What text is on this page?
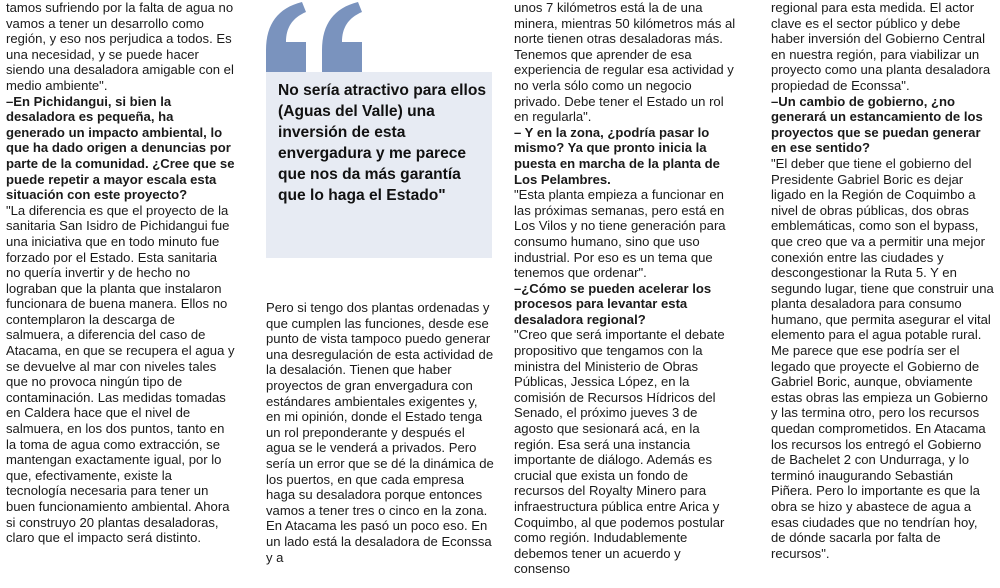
tamos sufriendo por la falta de agua no vamos a tener un desarrollo como región, y eso nos perjudica a todos. Es una necesidad, y se puede hacer siendo una desaladora amigable con el medio ambiente".

–En Pichidangui, si bien la desaladora es pequeña, ha generado un impacto ambiental, lo que ha dado origen a denuncias por parte de la comunidad. ¿Cree que se puede repetir a mayor escala esta situación con este proyecto?

"La diferencia es que el proyecto de la sanitaria San Isidro de Pichidangui fue una iniciativa que en todo minuto fue forzado por el Estado. Esta sanitaria no quería invertir y de hecho no lograban que la planta que instalaron funcionara de buena manera. Ellos no contemplaron la descarga de salmuera, a diferencia del caso de Atacama, en que se recupera el agua y se devuelve al mar con niveles tales que no provoca ningún tipo de contaminación. Las medidas tomadas en Caldera hace que el nivel de salmuera, en los dos puntos, tanto en la toma de agua como extracción, se mantengan exactamente igual, por lo que, efectivamente, existe la tecnología necesaria para tener un buen funcionamiento ambiental. Ahora si construyo 20 plantas desaladoras, claro que el impacto será distinto.

No sería atractivo para ellos (Aguas del Valle) una inversión de esta envergadura y me parece que nos da más garantía que lo haga el Estado"

Pero si tengo dos plantas ordenadas y que cumplen las funciones, desde ese punto de vista tampoco puedo generar una desregulación de esta actividad de la desalación. Tienen que haber proyectos de gran envergadura con estándares ambientales exigentes y, en mi opinión, donde el Estado tenga un rol preponderante y después el agua se le venderá a privados. Pero sería un error que se dé la dinámica de los puertos, en que cada empresa haga su desaladora porque entonces vamos a tener tres o cinco en la zona. En Atacama les pasó un poco eso. En un lado está la desaladora de Econssa y a

unos 7 kilómetros está la de una minera, mientras 50 kilómetros más al norte tienen otras desaladoras más. Tenemos que aprender de esa experiencia de regular esa actividad y no verla sólo como un negocio privado. Debe tener el Estado un rol en regularla".

– Y en la zona, ¿podría pasar lo mismo? Ya que pronto inicia la puesta en marcha de la planta de Los Pelambres.

"Esta planta empieza a funcionar en las próximas semanas, pero está en Los Vilos y no tiene generación para consumo humano, sino que uso industrial. Por eso es un tema que tenemos que ordenar".

–¿Cómo se pueden acelerar los procesos para levantar esta desaladora regional?

"Creo que será importante el debate propositivo que tengamos con la ministra del Ministerio de Obras Públicas, Jessica López, en la comisión de Recursos Hídricos del Senado, el próximo jueves 3 de agosto que sesionará acá, en la región. Esa será una instancia importante de diálogo. Además es crucial que exista un fondo de recursos del Royalty Minero para infraestructura pública entre Arica y Coquimbo, al que podemos postular como región. Indudablemente debemos tener un acuerdo y consenso

regional para esta medida. El actor clave es el sector público y debe haber inversión del Gobierno Central en nuestra región, para viabilizar un proyecto como una planta desaladora propiedad de Econssa".

–Un cambio de gobierno, ¿no generará un estancamiento de los proyectos que se puedan generar en ese sentido?

"El deber que tiene el gobierno del Presidente Gabriel Boric es dejar ligado en la Región de Coquimbo a nivel de obras públicas, dos obras emblemáticas, como son el bypass, que creo que va a permitir una mejor conexión entre las ciudades y descongestionar la Ruta 5. Y en segundo lugar, tiene que construir una planta desaladora para consumo humano, que permita asegurar el vital elemento para el agua potable rural. Me parece que ese podría ser el legado que proyecte el Gobierno de Gabriel Boric, aunque, obviamente estas obras las empieza un Gobierno y las termina otro, pero los recursos quedan comprometidos. En Atacama los recursos los entregó el Gobierno de Bachelet 2 con Undurraga, y lo terminó inaugurando Sebastián Piñera. Pero lo importante es que la obra se hizo y abastece de agua a esas ciudades que no tendrían hoy, de dónde sacarla por falta de recursos".
